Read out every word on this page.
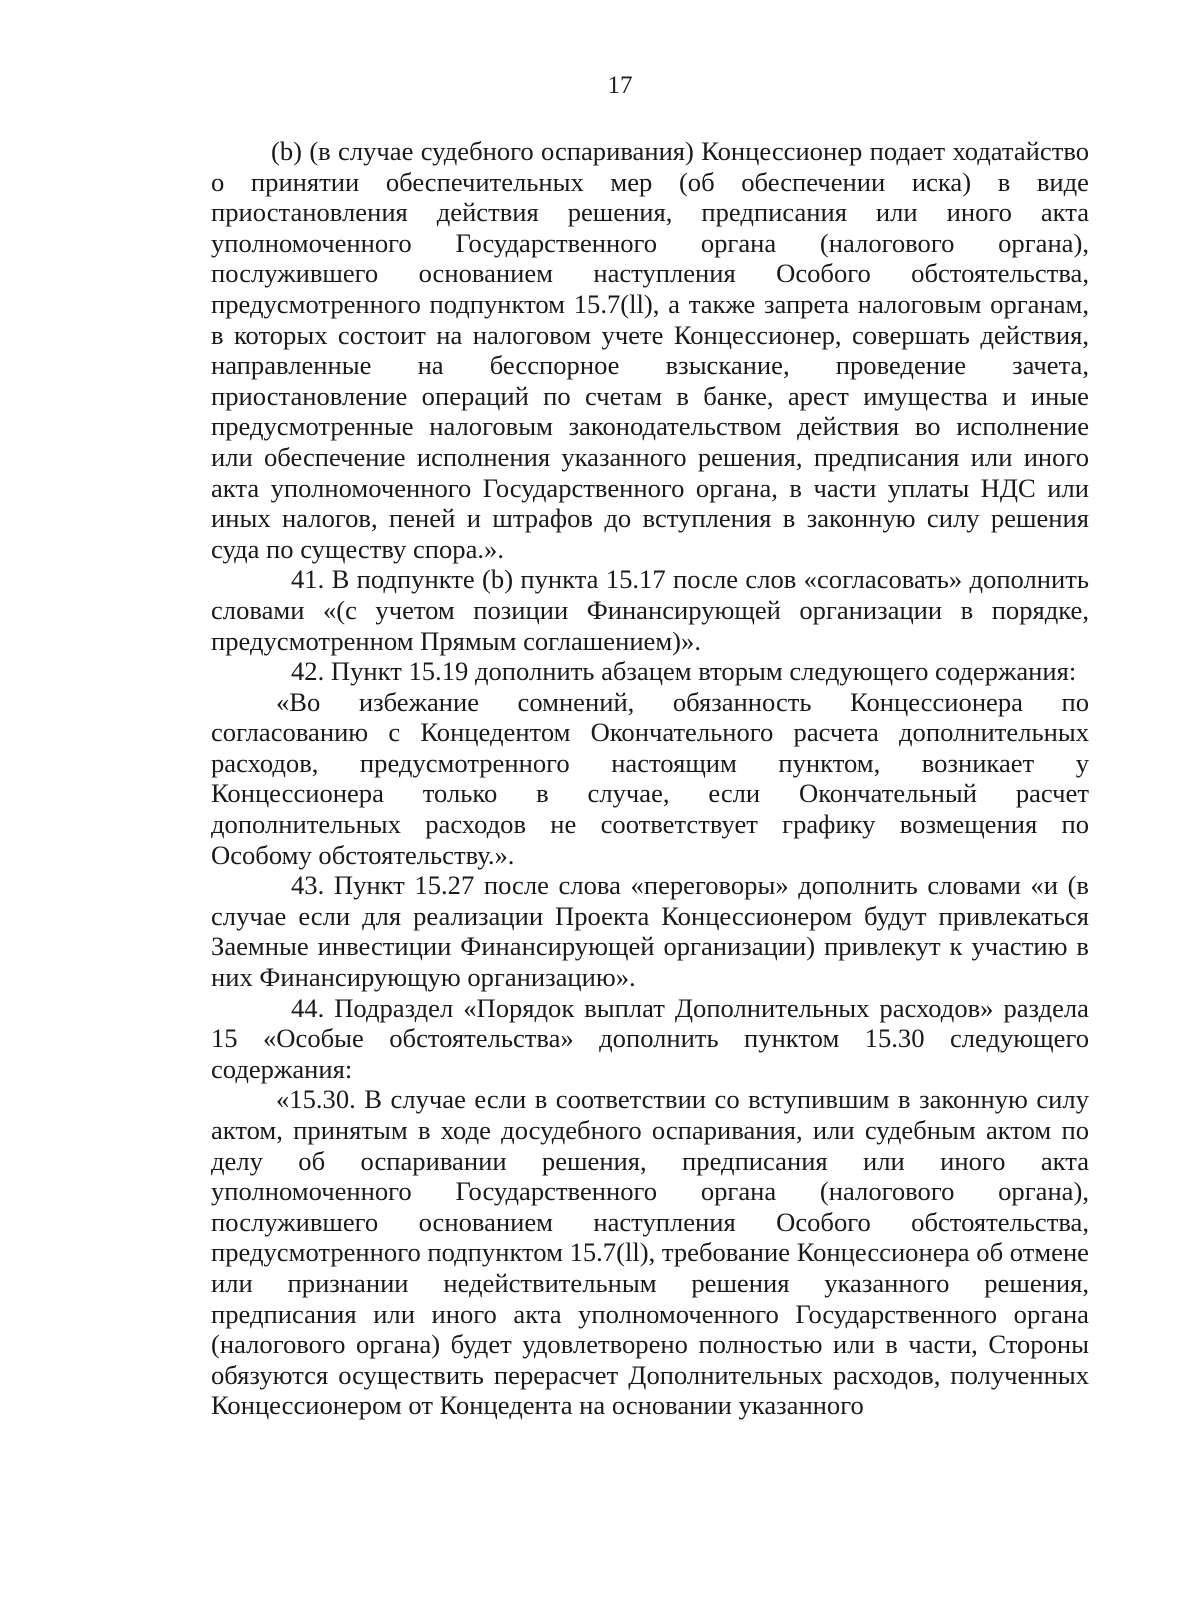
17

(b) (в случае судебного оспаривания) Концессионер подает ходатайство о принятии обеспечительных мер (об обеспечении иска) в виде приостановления действия решения, предписания или иного акта уполномоченного Государственного органа (налогового органа), послужившего основанием наступления Особого обстоятельства, предусмотренного подпунктом 15.7(ll), а также запрета налоговым органам, в которых состоит на налоговом учете Концессионер, совершать действия, направленные на бесспорное взыскание, проведение зачета, приостановление операций по счетам в банке, арест имущества и иные предусмотренные налоговым законодательством действия во исполнение или обеспечение исполнения указанного решения, предписания или иного акта уполномоченного Государственного органа, в части уплаты НДС или иных налогов, пеней и штрафов до вступления в законную силу решения суда по существу спора.».

41. В подпункте (b) пункта 15.17 после слов «согласовать» дополнить словами «(с учетом позиции Финансирующей организации в порядке, предусмотренном Прямым соглашением)».

42. Пункт 15.19 дополнить абзацем вторым следующего содержания:

«Во избежание сомнений, обязанность Концессионера по согласованию с Концедентом Окончательного расчета дополнительных расходов, предусмотренного настоящим пунктом, возникает у Концессионера только в случае, если Окончательный расчет дополнительных расходов не соответствует графику возмещения по Особому обстоятельству.».

43. Пункт 15.27 после слова «переговоры» дополнить словами «и (в случае если для реализации Проекта Концессионером будут привлекаться Заемные инвестиции Финансирующей организации) привлекут к участию в них Финансирующую организацию».

44. Подраздел «Порядок выплат Дополнительных расходов» раздела 15 «Особые обстоятельства» дополнить пунктом 15.30 следующего содержания:

«15.30. В случае если в соответствии со вступившим в законную силу актом, принятым в ходе досудебного оспаривания, или судебным актом по делу об оспаривании решения, предписания или иного акта уполномоченного Государственного органа (налогового органа), послужившего основанием наступления Особого обстоятельства, предусмотренного подпунктом 15.7(ll), требование Концессионера об отмене или признании недействительным решения указанного решения, предписания или иного акта уполномоченного Государственного органа (налогового органа) будет удовлетворено полностью или в части, Стороны обязуются осуществить перерасчет Дополнительных расходов, полученных Концессионером от Концедента на основании указанного
